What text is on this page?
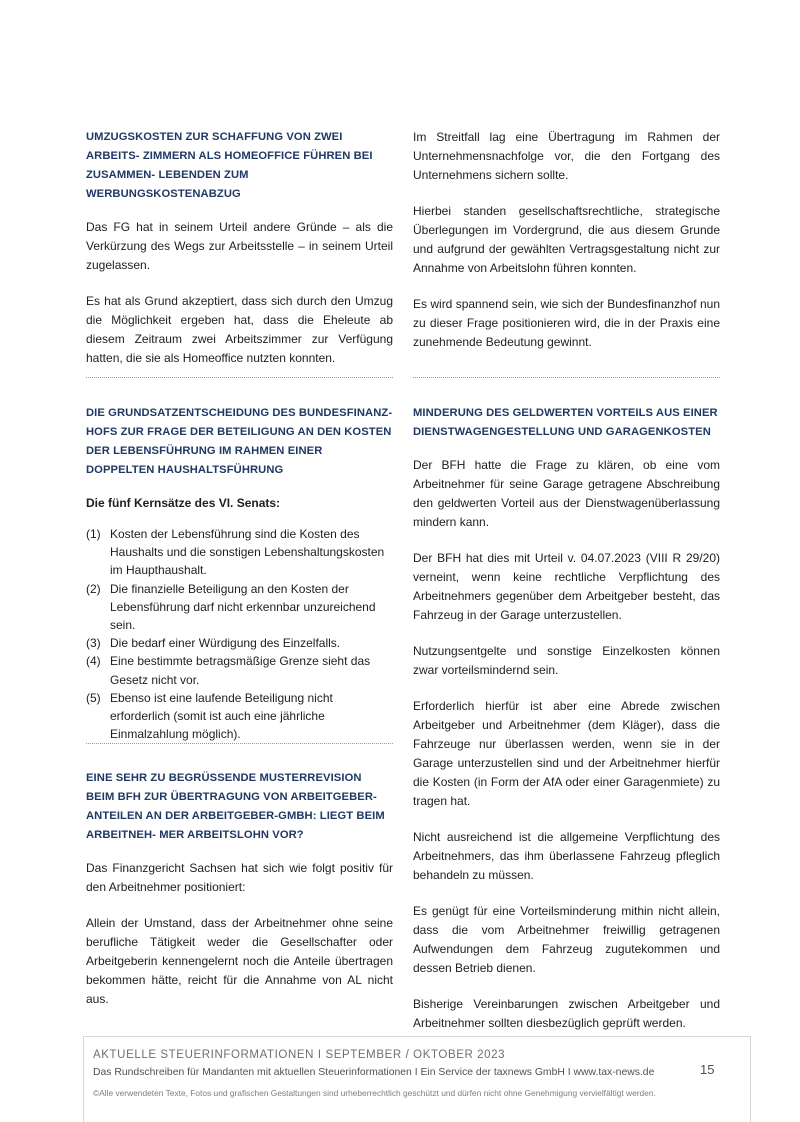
UMZUGSKOSTEN ZUR SCHAFFUNG VON ZWEI ARBEITS- ZIMMERN ALS HOMEOFFICE FÜHREN BEI ZUSAMMEN- LEBENDEN ZUM WERBUNGSKOSTENABZUG

Das FG hat in seinem Urteil andere Gründe – als die Verkürzung des Wegs zur Arbeitsstelle – in seinem Urteil zugelassen.

Es hat als Grund akzeptiert, dass sich durch den Umzug die Möglichkeit ergeben hat, dass die Eheleute ab diesem Zeitraum zwei Arbeitszimmer zur Verfügung hatten, die sie als Homeoffice nutzten konnten.

DIE GRUNDSATZENTSCHEIDUNG DES BUNDESFINANZ- HOFS ZUR FRAGE DER BETEILIGUNG AN DEN KOSTEN DER LEBENSFÜHRUNG IM RAHMEN EINER DOPPELTEN HAUSHALTSFÜHRUNG

Die fünf Kernsätze des VI. Senats:

(1) Kosten der Lebensführung sind die Kosten des Haushalts und die sonstigen Lebenshaltungskosten im Haupthaushalt.
(2) Die finanzielle Beteiligung an den Kosten der Lebensführung darf nicht erkennbar unzureichend sein.
(3) Die bedarf einer Würdigung des Einzelfalls.
(4) Eine bestimmte betragsmäßige Grenze sieht das Gesetz nicht vor.
(5) Ebenso ist eine laufende Beteiligung nicht erforderlich (somit ist auch eine jährliche Einmalzahlung möglich).
EINE SEHR ZU BEGRÜSSENDE MUSTERREVISION BEIM BFH ZUR ÜBERTRAGUNG VON ARBEITGEBER-ANTEILEN AN DER ARBEITGEBER-GMBH: LIEGT BEIM ARBEITNEH- MER ARBEITSLOHN VOR?

Das Finanzgericht Sachsen hat sich wie folgt positiv für den Arbeitnehmer positioniert:

Allein der Umstand, dass der Arbeitnehmer ohne seine berufliche Tätigkeit weder die Gesellschafter oder Arbeitgeberin kennengelernt noch die Anteile übertragen bekommen hätte, reicht für die Annahme von AL nicht aus.

Im Streitfall lag eine Übertragung im Rahmen der Unternehmensnachfolge vor, die den Fortgang des Unternehmens sichern sollte.

Hierbei standen gesellschaftsrechtliche, strategische Überlegungen im Vordergrund, die aus diesem Grunde und aufgrund der gewählten Vertragsgestaltung nicht zur Annahme von Arbeitslohn führen konnten.

Es wird spannend sein, wie sich der Bundesfinanzhof nun zu dieser Frage positionieren wird, die in der Praxis eine zunehmende Bedeutung gewinnt.

MINDERUNG DES GELDWERTEN VORTEILS AUS EINER DIENSTWAGENGESTELLUNG UND GARAGENKOSTEN

Der BFH hatte die Frage zu klären, ob eine vom Arbeitnehmer für seine Garage getragene Abschreibung den geldwerten Vorteil aus der Dienstwagenüberlassung mindern kann.

Der BFH hat dies mit Urteil v. 04.07.2023 (VIII R 29/20) verneint, wenn keine rechtliche Verpflichtung des Arbeitnehmers gegenüber dem Arbeitgeber besteht, das Fahrzeug in der Garage unterzustellen.

Nutzungsentgelte und sonstige Einzelkosten können zwar vorteilsmindernd sein.

Erforderlich hierfür ist aber eine Abrede zwischen Arbeitgeber und Arbeitnehmer (dem Kläger), dass die Fahrzeuge nur überlassen werden, wenn sie in der Garage unterzustellen sind und der Arbeitnehmer hierfür die Kosten (in Form der AfA oder einer Garagenmiete) zu tragen hat.

Nicht ausreichend ist die allgemeine Verpflichtung des Arbeitnehmers, das ihm überlassene Fahrzeug pfleglich behandeln zu müssen.

Es genügt für eine Vorteilsminderung mithin nicht allein, dass die vom Arbeitnehmer freiwillig getragenen Aufwendungen dem Fahrzeug zugutekommen und dessen Betrieb dienen.

Bisherige Vereinbarungen zwischen Arbeitgeber und Arbeitnehmer sollten diesbezüglich geprüft werden.

AKTUELLE STEUERINFORMATIONEN I SEPTEMBER / OKTOBER 2023
Das Rundschreiben für Mandanten mit aktuellen Steuerinformationen I Ein Service der taxnews GmbH I www.tax-news.de	15
©Alle verwendeten Texte, Fotos und grafischen Gestaltungen sind urheberrechtlich geschützt und dürfen nicht ohne Genehmigung vervielfältigt werden.
